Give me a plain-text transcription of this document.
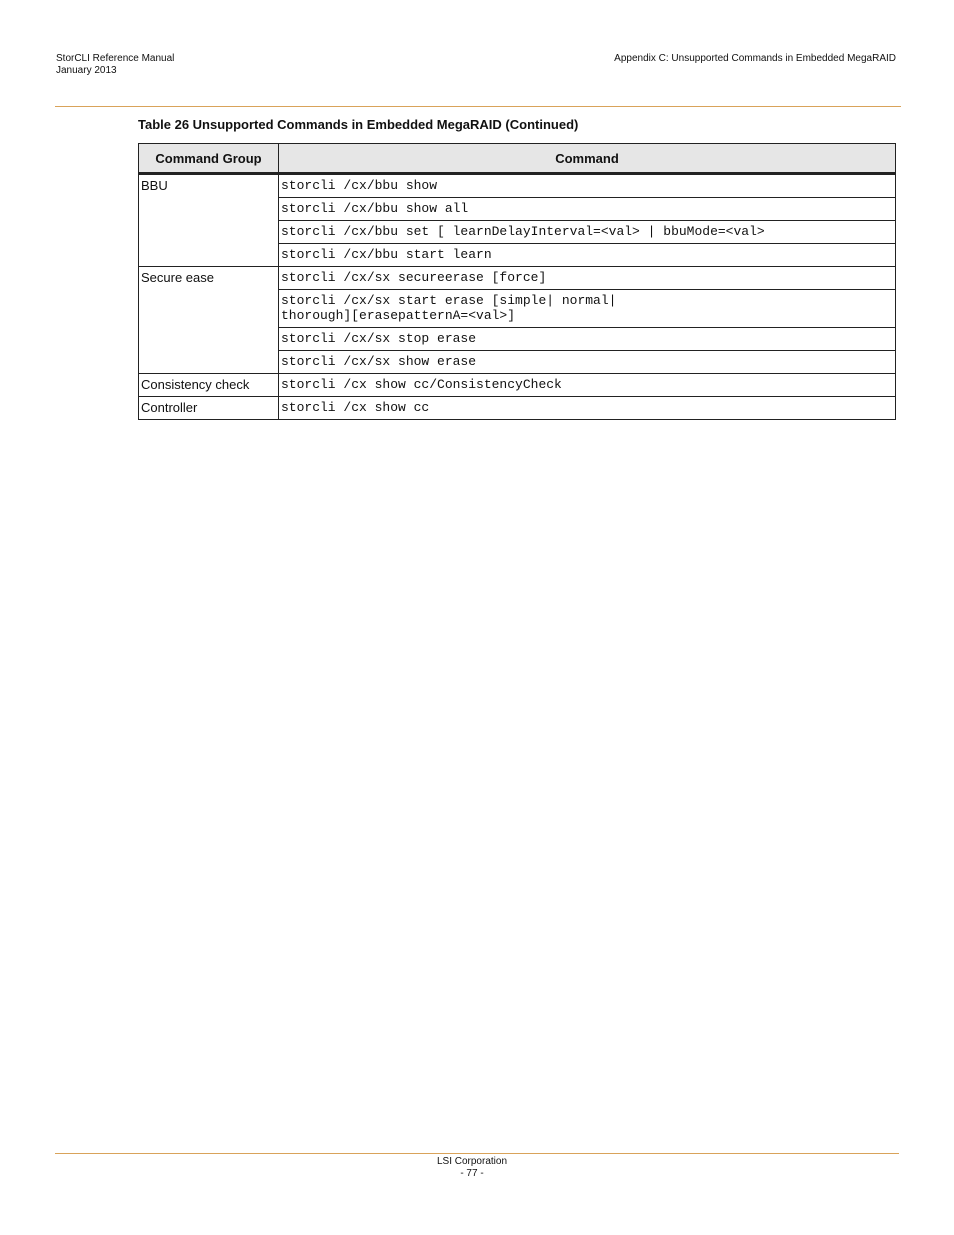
StorCLI Reference Manual
January 2013
Appendix C: Unsupported Commands in Embedded MegaRAID
Table 26 Unsupported Commands in Embedded MegaRAID (Continued)
Command Group	Command
BBU	storcli /cx/bbu show
	storcli /cx/bbu show all
	storcli /cx/bbu set [ learnDelayInterval=<val> | bbuMode=<val>
	storcli /cx/bbu start learn
Secure ease	storcli /cx/sx secureerase [force]
	storcli /cx/sx start erase [simple| normal|
thorough][erasepatternA=<val>]
	storcli /cx/sx stop erase
	storcli /cx/sx show erase
Consistency check	storcli /cx show cc/ConsistencyCheck
Controller	storcli /cx show cc
LSI Corporation
- 77 -
